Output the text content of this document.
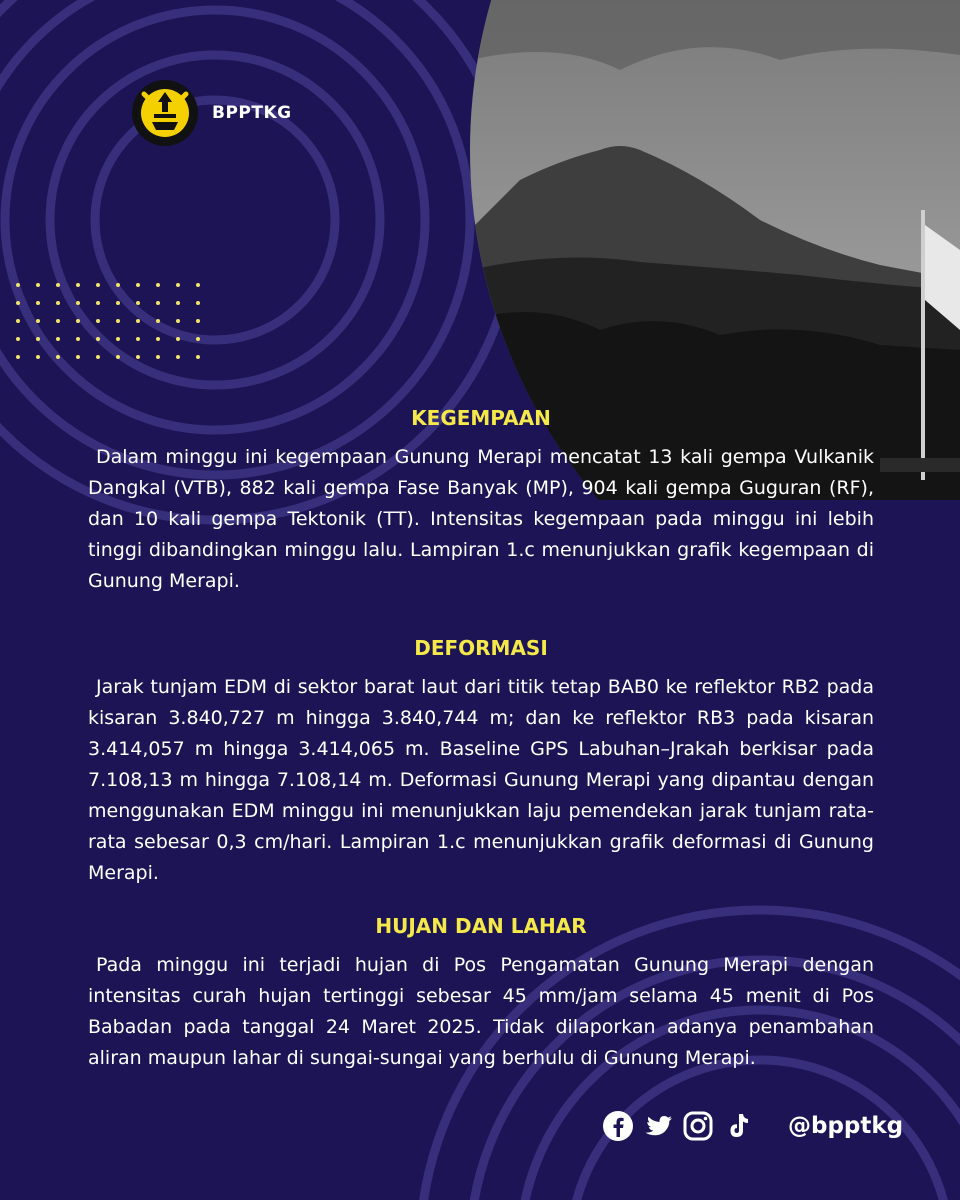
BPPTKG
KEGEMPAAN

Dalam minggu ini kegempaan Gunung Merapi mencatat 13 kali gempa Vulkanik Dangkal (VTB), 882 kali gempa Fase Banyak (MP), 904 kali gempa Guguran (RF), dan 10 kali gempa Tektonik (TT). Intensitas kegempaan pada minggu ini lebih tinggi dibandingkan minggu lalu. Lampiran 1.c menunjukkan grafik kegempaan di Gunung Merapi.

DEFORMASI

Jarak tunjam EDM di sektor barat laut dari titik tetap BAB0 ke reflektor RB2 pada kisaran 3.840,727 m hingga 3.840,744 m; dan ke reflektor RB3 pada kisaran 3.414,057 m hingga 3.414,065 m. Baseline GPS Labuhan–Jrakah berkisar pada 7.108,13 m hingga 7.108,14 m. Deformasi Gunung Merapi yang dipantau dengan menggunakan EDM minggu ini menunjukkan laju pemendekan jarak tunjam rata-rata sebesar 0,3 cm/hari. Lampiran 1.c menunjukkan grafik deformasi di Gunung Merapi.

HUJAN DAN LAHAR

Pada minggu ini terjadi hujan di Pos Pengamatan Gunung Merapi dengan intensitas curah hujan tertinggi sebesar 45 mm/jam selama 45 menit di Pos Babadan pada tanggal 24 Maret 2025. Tidak dilaporkan adanya penambahan aliran maupun lahar di sungai-sungai yang berhulu di Gunung Merapi.

@bpptkg
